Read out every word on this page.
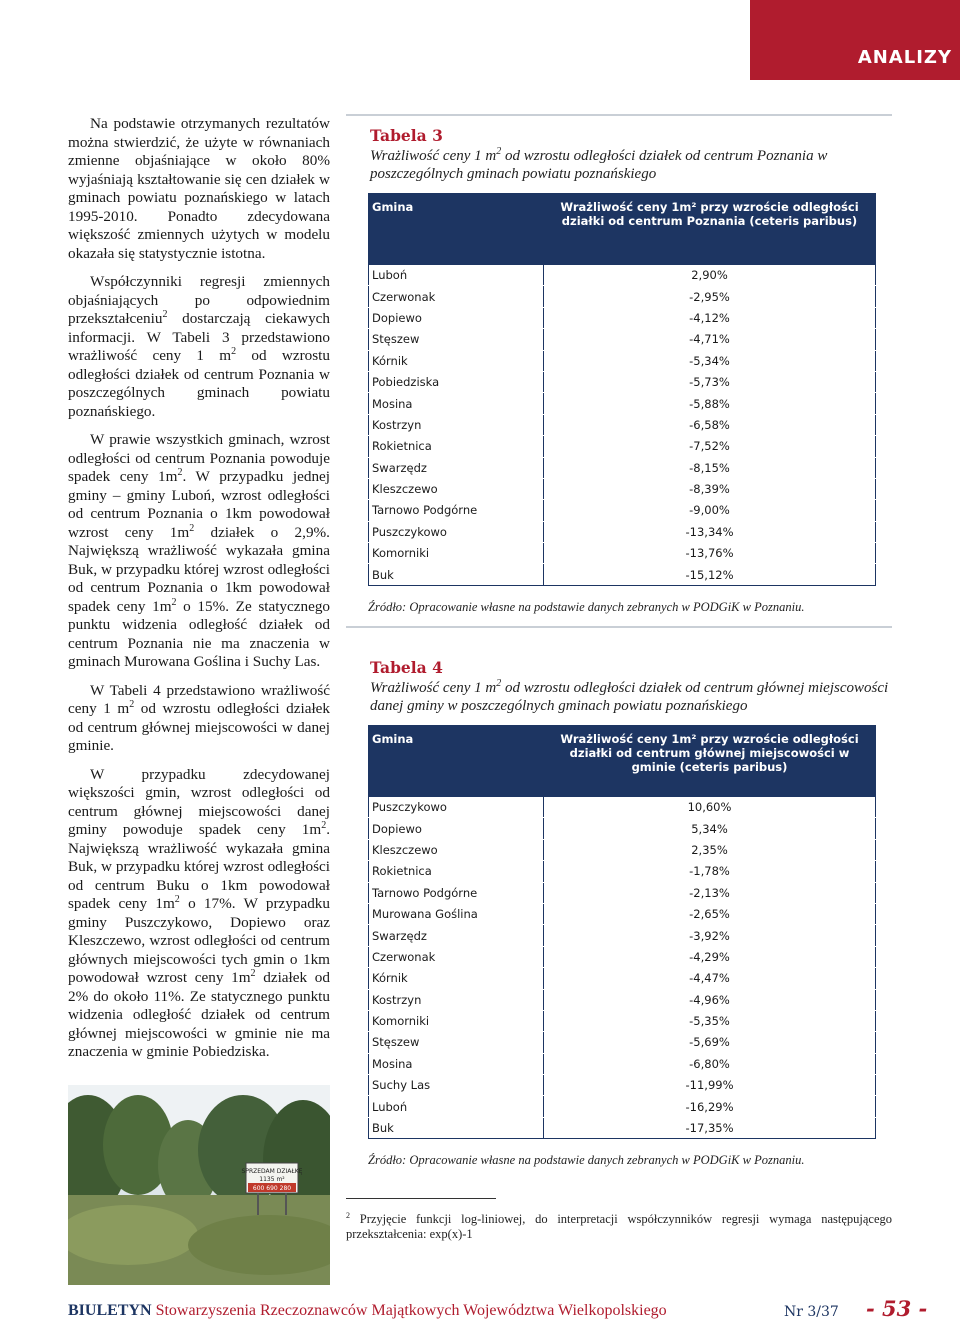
ANALIZY

Na podstawie otrzymanych rezultatów można stwierdzić, że użyte w równaniach zmienne objaśniające w około 80% wyjaśniają kształtowanie się cen działek w gminach powiatu poznańskiego w latach 1995-2010. Ponadto zdecydowana większość zmiennych użytych w modelu okazała się statystycznie istotna.

Współczynniki regresji zmiennych objaśniających po odpowiednim przekształceniu$^2$ dostarczają ciekawych informacji. W Tabeli 3 przedstawiono wrażliwość ceny 1 $m^2$ od wzrostu odległości działek od centrum Poznania w poszczególnych gminach powiatu poznańskiego.

W prawie wszystkich gminach, wzrost odległości od centrum Poznania powoduje spadek ceny $1m^2$. W przypadku jednej gminy – gminy Luboń, wzrost odległości od centrum Poznania o 1km powodował wzrost ceny $1m^2$ działek o 2,9%. Największą wrażliwość wykazała gmina Buk, w przypadku której wzrost odległości od centrum Poznania o 1km powodował spadek ceny $1m^2$ o 15%. Ze statycznego punktu widzenia odległość działek od centrum Poznania nie ma znaczenia w gminach Murowana Goślina i Suchy Las.

W Tabeli 4 przedstawiono wrażliwość ceny 1 $m^2$ od wzrostu odległości działek od centrum głównej miejscowości w danej gminie.

W przypadku zdecydowanej większości gmin, wzrost odległości od centrum głównej miejscowości danej gminy powoduje spadek ceny $1m^2$. Największą wrażliwość wykazała gmina Buk, w przypadku której wzrost odległości od centrum Buku o 1km powodował spadek ceny $1m^2$ o 17%. W przypadku gminy Puszczykowo, Dopiewo oraz Kleszczewo, wzrost odległości od centrum głównych miejscowości tych gmin o 1km powodował wzrost ceny $1m^2$ działek od 2% do około 11%. Ze statycznego punktu widzenia odległość działek od centrum głównej miejscowości w gminie nie ma znaczenia w gminie Pobiedziska.

SPRZEDAM DZIAŁKĘ
1135 m²
600 690 280
Tabela 3
Wrażliwość ceny 1 $m^2$ od wzrostu odległości działek od centrum Poznania w poszczególnych gminach powiatu poznańskiego
Gmina	Wrażliwość ceny 1m² przy wzroście odległości działki od centrum Poznania (ceteris paribus)
Luboń	2,90%
Czerwonak	-2,95%
Dopiewo	-4,12%
Stęszew	-4,71%
Kórnik	-5,34%
Pobiedziska	-5,73%
Mosina	-5,88%
Kostrzyn	-6,58%
Rokietnica	-7,52%
Swarzędz	-8,15%
Kleszczewo	-8,39%
Tarnowo Podgórne	-9,00%
Puszczykowo	-13,34%
Komorniki	-13,76%
Buk	-15,12%
Źródło: Opracowanie własne na podstawie danych zebranych w PODGiK w Poznaniu.
Tabela 4
Wrażliwość ceny 1 $m^2$ od wzrostu odległości działek od centrum głównej miejscowości danej gminy w poszczególnych gminach powiatu poznańskiego
Gmina	Wrażliwość ceny 1m² przy wzroście odległości działki od centrum głównej miejscowości w gminie (ceteris paribus)
Puszczykowo	10,60%
Dopiewo	5,34%
Kleszczewo	2,35%
Rokietnica	-1,78%
Tarnowo Podgórne	-2,13%
Murowana Goślina	-2,65%
Swarzędz	-3,92%
Czerwonak	-4,29%
Kórnik	-4,47%
Kostrzyn	-4,96%
Komorniki	-5,35%
Stęszew	-5,69%
Mosina	-6,80%
Suchy Las	-11,99%
Luboń	-16,29%
Buk	-17,35%
Źródło: Opracowanie własne na podstawie danych zebranych w PODGiK w Poznaniu.
$^2$ Przyjęcie funkcji log-liniowej, do interpretacji współczynników regresji wymaga następującego przekształcenia: exp(x)-1
BIULETYN Stowarzyszenia Rzeczoznawców Majątkowych Województwa Wielkopolskiego	Nr 3/37 - 53 -
